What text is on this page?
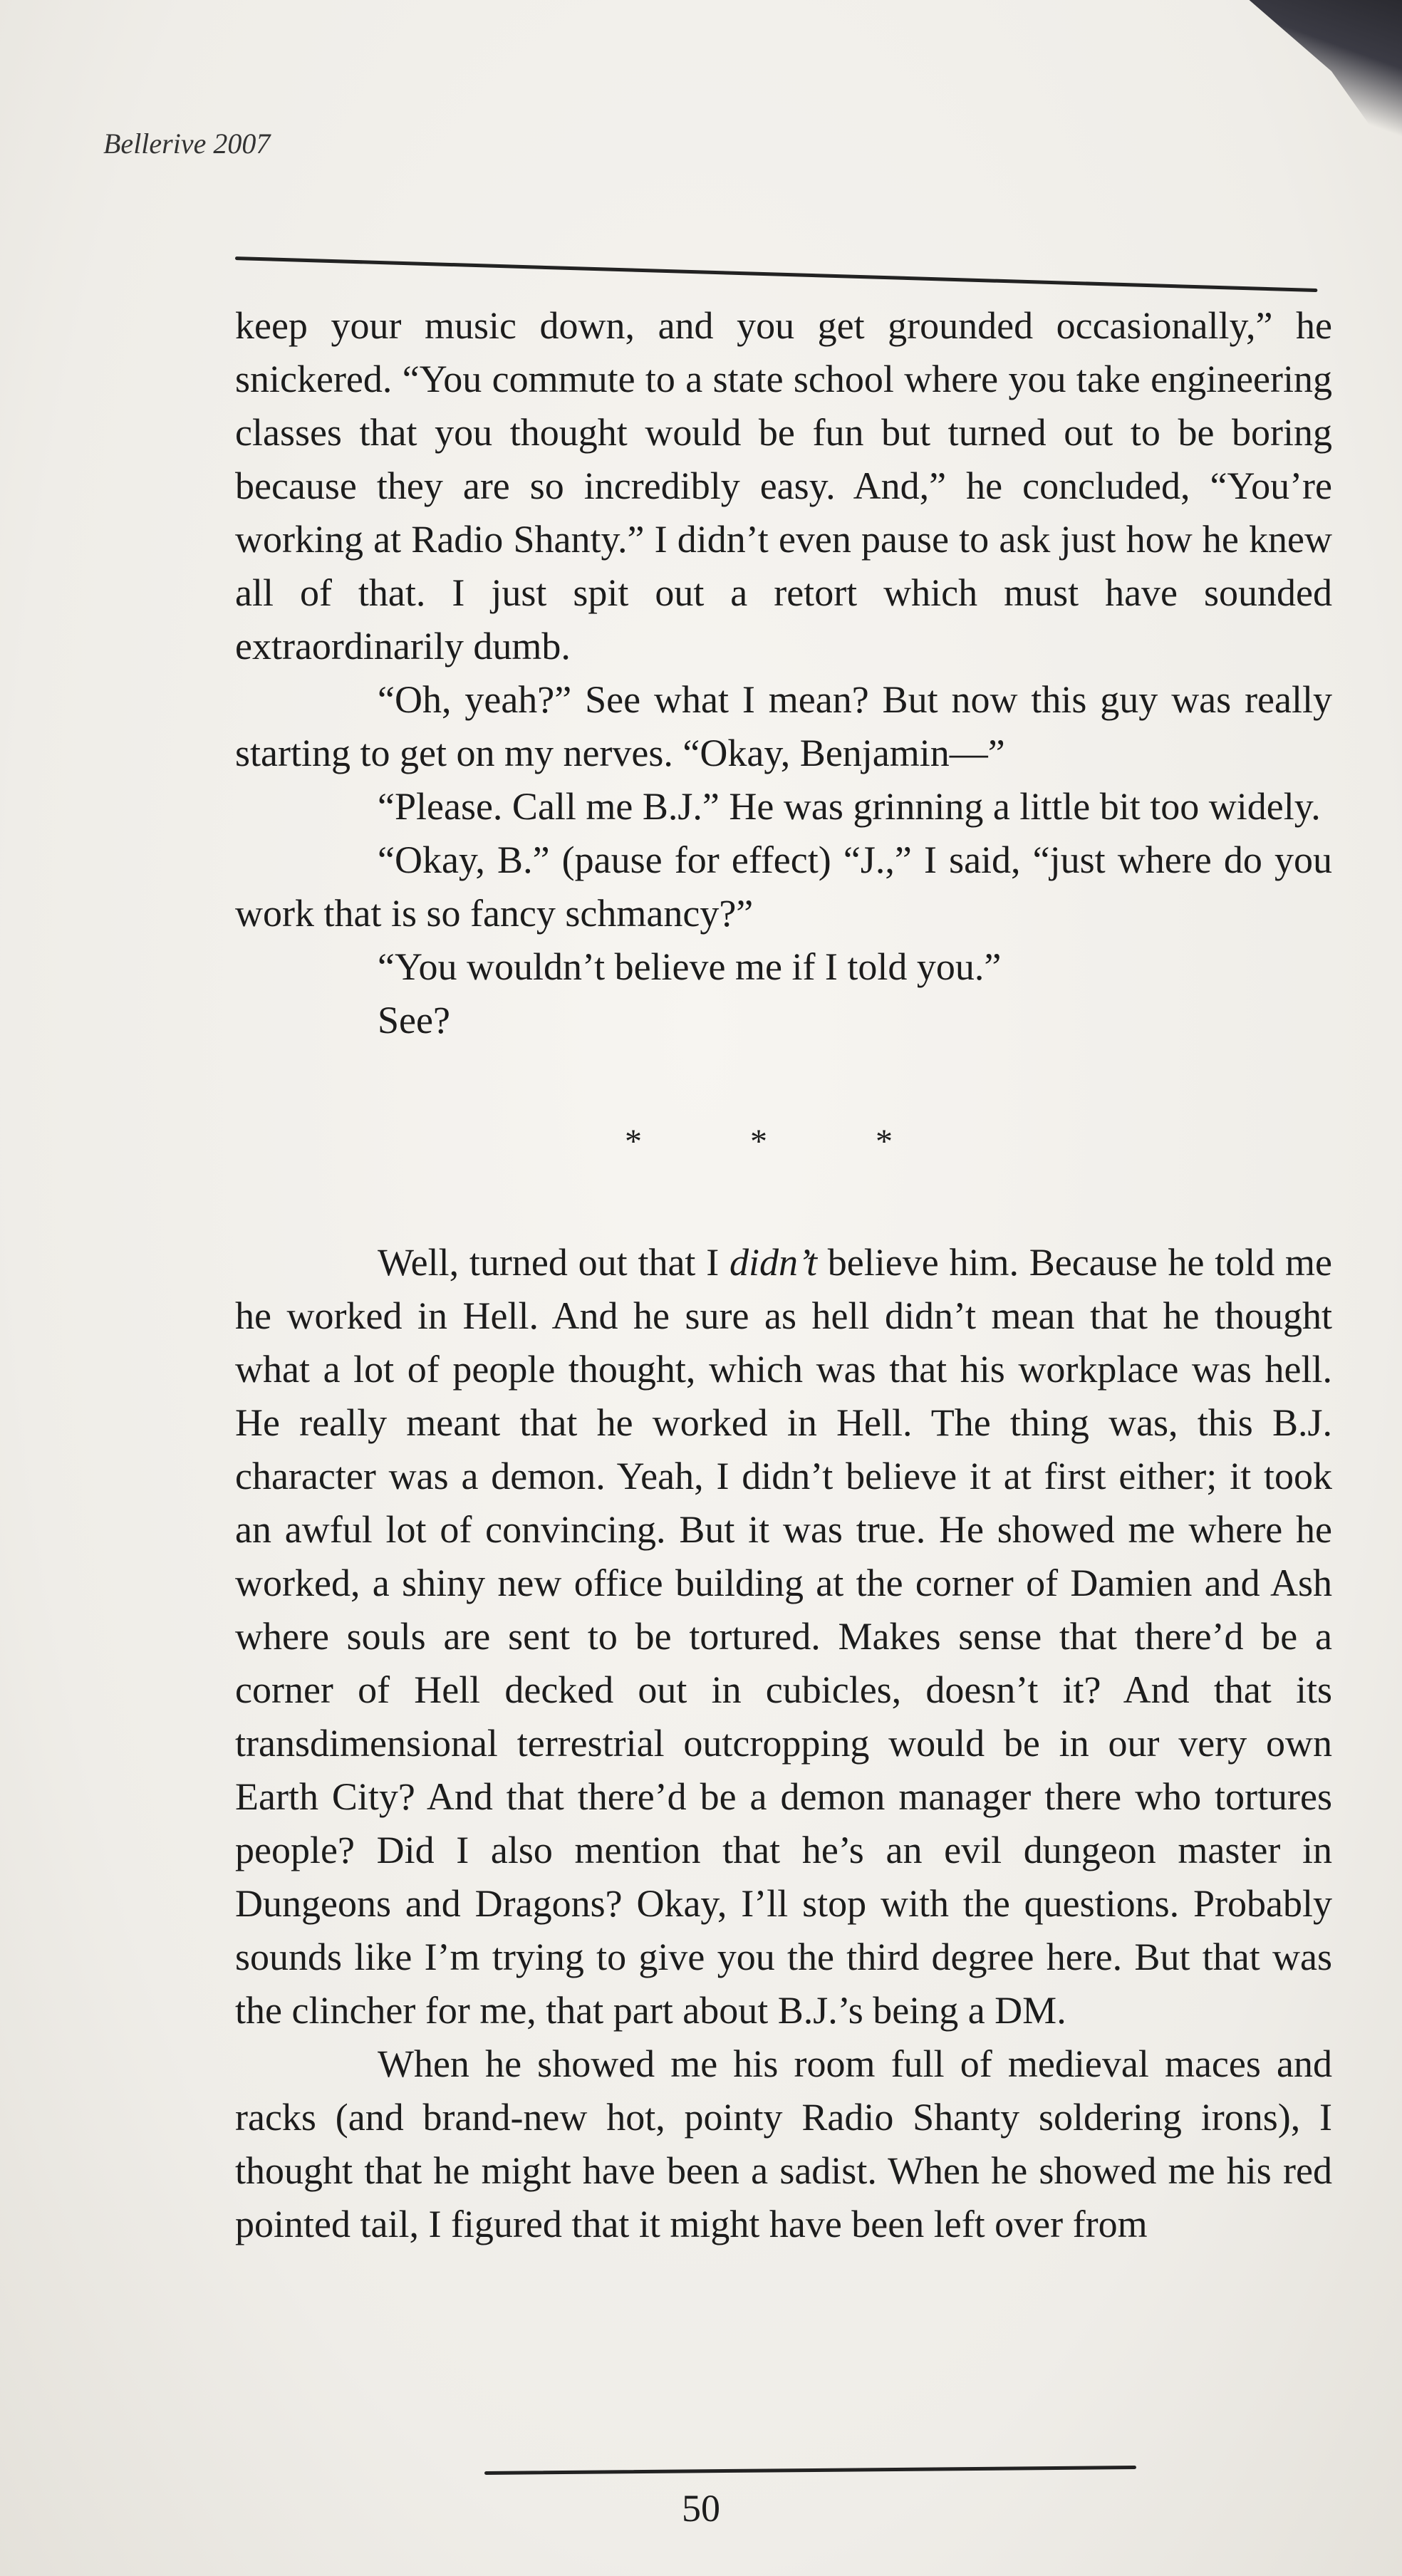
Bellerive 2007

keep your music down, and you get grounded occasionally,” he snickered. “You commute to a state school where you take engineering classes that you thought would be fun but turned out to be boring because they are so incredibly easy. And,” he concluded, “You’re working at Radio Shanty.” I didn’t even pause to ask just how he knew all of that. I just spit out a retort which must have sounded extraordinarily dumb.

“Oh, yeah?” See what I mean? But now this guy was really starting to get on my nerves. “Okay, Benjamin—”

“Please. Call me B.J.” He was grinning a little bit too widely.

“Okay, B.” (pause for effect) “J.,” I said, “just where do you work that is so fancy schmancy?”

“You wouldn’t believe me if I told you.”

See?

* * *

Well, turned out that I didn’t believe him. Because he told me he worked in Hell. And he sure as hell didn’t mean that he thought what a lot of people thought, which was that his workplace was hell. He really meant that he worked in Hell. The thing was, this B.J. character was a demon. Yeah, I didn’t believe it at first either; it took an awful lot of convincing. But it was true. He showed me where he worked, a shiny new office building at the corner of Damien and Ash where souls are sent to be tortured. Makes sense that there’d be a corner of Hell decked out in cubicles, doesn’t it? And that its transdimensional terrestrial outcropping would be in our very own Earth City? And that there’d be a demon manager there who tortures people? Did I also mention that he’s an evil dungeon master in Dungeons and Dragons? Okay, I’ll stop with the questions. Probably sounds like I’m trying to give you the third degree here. But that was the clincher for me, that part about B.J.’s being a DM.

When he showed me his room full of medieval maces and racks (and brand-new hot, pointy Radio Shanty soldering irons), I thought that he might have been a sadist. When he showed me his red pointed tail, I figured that it might have been left over from

50
